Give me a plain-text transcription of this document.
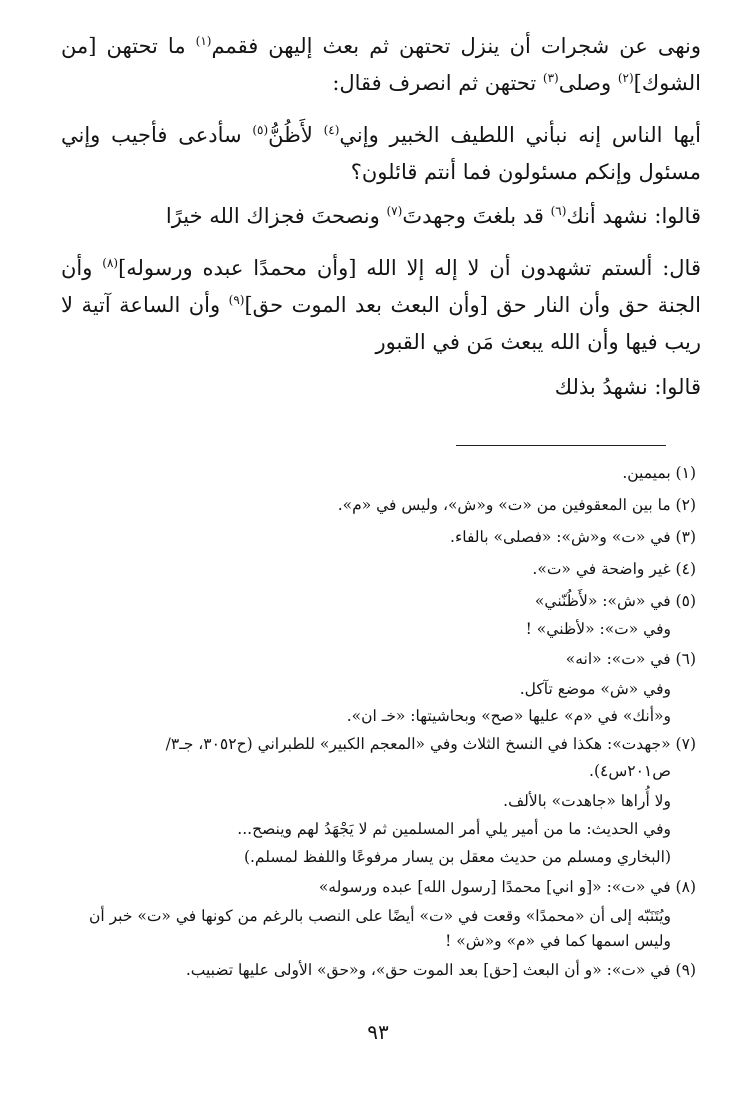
ونهى عن شجرات أن ينزل تحتهن ثم بعث إليهن فقمم$^{(١)}$ ما تحتهن [من الشوك]$^{(٢)}$ وصلى$^{(٣)}$ تحتهن ثم انصرف فقال:
أيها الناس إنه نبأني اللطيف الخبير وإني$^{(٤)}$ لأَظُنُّ$^{(٥)}$ سأدعى فأجيب وإني مسئول وإنكم مسئولون فما أنتم قائلون؟
قالوا: نشهد أنك$^{(٦)}$ قد بلغتَ وجهدتَ$^{(٧)}$ ونصحتَ فجزاك الله خيرًا
قال: ألستم تشهدون أن لا إله إلا الله [وأن محمدًا عبده ورسوله]$^{(٨)}$ وأن الجنة حق وأن النار حق [وأن البعث بعد الموت حق]$^{(٩)}$ وأن الساعة آتية لا ريب فيها وأن الله يبعث مَن في القبور
قالوا: نشهدُ بذلك
(١) بميمين.
(٢) ما بين المعقوفين من «ت» و«ش»، وليس في «م».
(٣) في «ت» و«ش»: «فصلى» بالفاء.
(٤) غير واضحة في «ت».
(٥) في «ش»: «لأَظُنّني»
وفي «ت»: «لأظني» !
(٦) في «ت»: «انه»
وفي «ش» موضع تآكل.
و«أنك» في «م» عليها «صح» وبحاشيتها: «خـ ان».
(٧) «جهدت»: هكذا في النسخ الثلاث وفي «المعجم الكبير» للطبراني (ح٣٠٥٢، جـ٣/
ص٢٠١س٤).
ولا أُراها «جاهدت» بالألف.
وفي الحديث: ما من أمير يلي أمر المسلمين ثم لا يَجْهَدُ لهم وينصح...
(البخاري ومسلم من حديث معقل بن يسار مرفوعًا واللفظ لمسلم.)
(٨) في «ت»: «[و اني] محمدًا [رسول الله] عبده ورسوله»
ويُتَنَبّه إلى أن «محمدًا» وقعت في «ت» أيضًا على النصب بالرغم من كونها في «ت» خبر أن
وليس اسمها كما في «م» و«ش» !
(٩) في «ت»: «و أن البعث [حق] بعد الموت حق»، و«حق» الأولى عليها تضبيب.
٩٣
